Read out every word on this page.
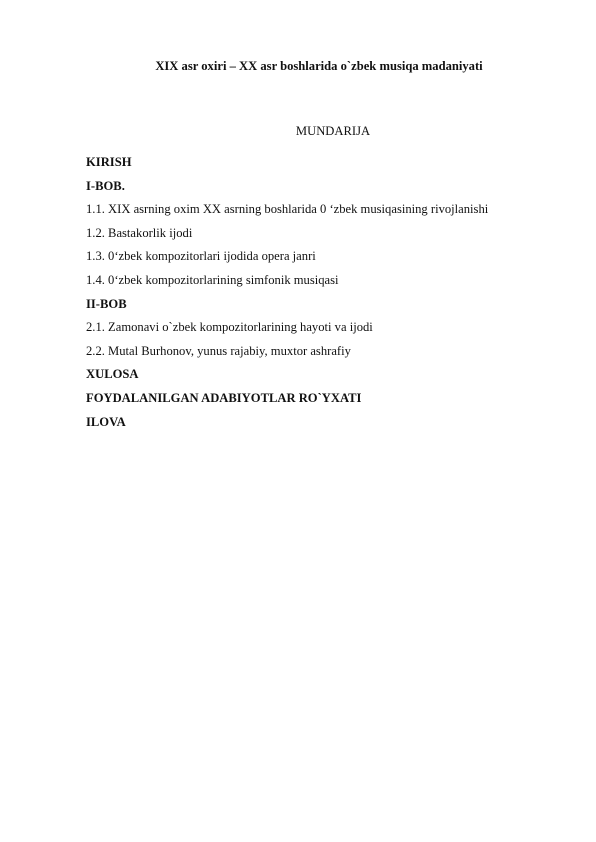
XIX asr oxiri – XX asr boshlarida o`zbek musiqa madaniyati
MUNDARIJA
KIRISH
I-BOB.
1.1. XIX asrning oxim XX asrning boshlarida 0 ‘zbek musiqasining rivojlanishi
1.2. Bastakorlik ijodi
1.3. 0‘zbek kompozitorlari ijodida opera janri
1.4. 0‘zbek kompozitorlarining simfonik musiqasi
II-BOB
2.1. Zamonavi o`zbek kompozitorlarining hayoti va ijodi
2.2. Mutal Burhonov, yunus rajabiy, muxtor ashrafiy
XULOSA
FOYDALANILGAN ADABIYOTLAR RO`YXATI
ILOVA
